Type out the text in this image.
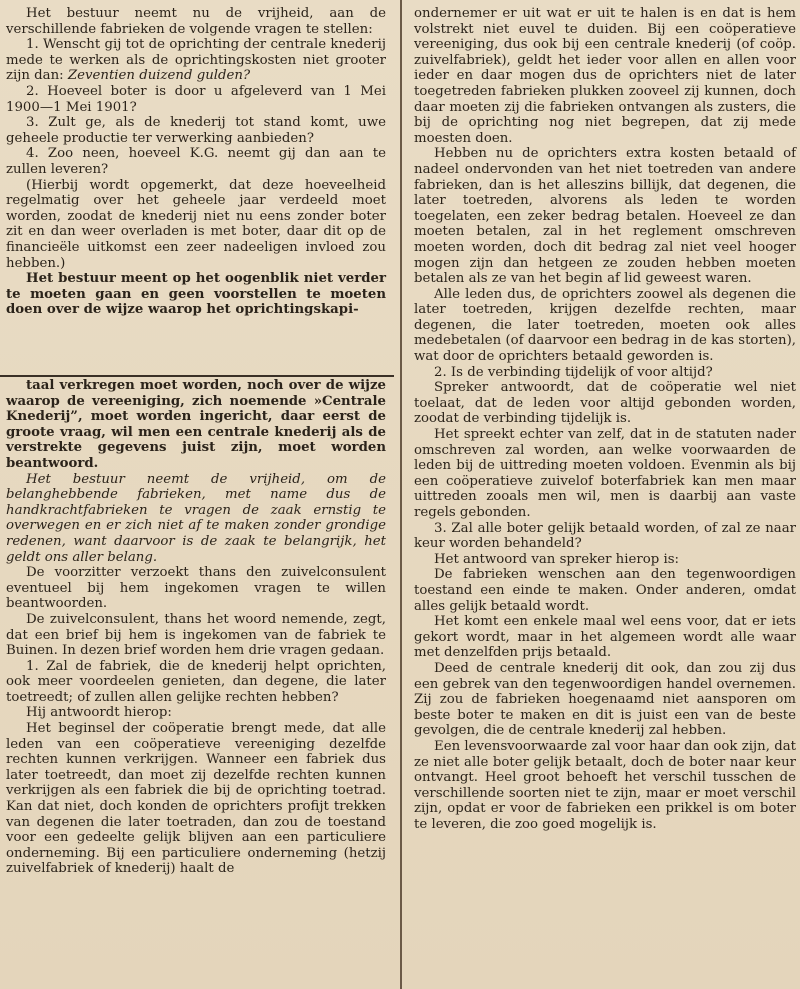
Het bestuur neemt nu de vrijheid, aan de verschillende fabrieken de volgende vragen te stellen:

1. Wenscht gij tot de oprichting der centrale knederij mede te werken als de oprichtingskosten niet grooter zijn dan: Zeventien duizend gulden?

2. Hoeveel boter is door u afgeleverd van 1 Mei 1900—1 Mei 1901?

3. Zult ge, als de knederij tot stand komt, uwe geheele productie ter verwerking aanbieden?

4. Zoo neen, hoeveel K.G. neemt gij dan aan te zullen leveren?

(Hierbij wordt opgemerkt, dat deze hoeveelheid regelmatig over het geheele jaar verdeeld moet worden, zoodat de knederij niet nu eens zonder boter zit en dan weer overladen is met boter, daar dit op de financieële uitkomst een zeer nadeeligen invloed zou hebben.)

Het bestuur meent op het oogenblik niet verder te moeten gaan en geen voorstellen te moeten doen over de wijze waarop het oprichtingskapi-

taal verkregen moet worden, noch over de wijze waarop de vereeniging, zich noemende »Centrale Knederij”, moet worden ingericht, daar eerst de groote vraag, wil men een centrale knederij als de verstrekte gegevens juist zijn, moet worden beantwoord.

Het bestuur neemt de vrijheid, om de belanghebbende fabrieken, met name dus de handkrachtfabrieken te vragen de zaak ernstig te overwegen en er zich niet af te maken zonder grondige redenen, want daarvoor is de zaak te belangrijk, het geldt ons aller belang.

De voorzitter verzoekt thans den zuivelconsulent eventueel bij hem ingekomen vragen te willen beantwoorden.

De zuivelconsulent, thans het woord nemende, zegt, dat een brief bij hem is ingekomen van de fabriek te Buinen. In dezen brief worden hem drie vragen gedaan.

1. Zal de fabriek, die de knederij helpt oprichten, ook meer voordeelen genieten, dan degene, die later toetreedt; of zullen allen gelijke rechten hebben?

Hij antwoordt hierop:

Het beginsel der coöperatie brengt mede, dat alle leden van een coöperatieve vereeniging dezelfde rechten kunnen verkrijgen. Wanneer een fabriek dus later toetreedt, dan moet zij dezelfde rechten kunnen verkrijgen als een fabriek die bij de oprichting toetrad. Kan dat niet, doch konden de oprichters profijt trekken van degenen die later toetraden, dan zou de toestand voor een gedeelte gelijk blijven aan een particuliere onderneming. Bij een particuliere onderneming (hetzij zuivelfabriek of knederij) haalt de

ondernemer er uit wat er uit te halen is en dat is hem volstrekt niet euvel te duiden. Bij een coöperatieve vereeniging, dus ook bij een centrale knederij (of coöp. zuivelfabriek), geldt het ieder voor allen en allen voor ieder en daar mogen dus de oprichters niet de later toegetreden fabrieken plukken zooveel zij kunnen, doch daar moeten zij die fabrieken ontvangen als zusters, die bij de oprichting nog niet begrepen, dat zij mede moesten doen.

Hebben nu de oprichters extra kosten betaald of nadeel ondervonden van het niet toetreden van andere fabrieken, dan is het alleszins billijk, dat degenen, die later toetreden, alvorens als leden te worden toegelaten, een zeker bedrag betalen. Hoeveel ze dan moeten betalen, zal in het reglement omschreven moeten worden, doch dit bedrag zal niet veel hooger mogen zijn dan hetgeen ze zouden hebben moeten betalen als ze van het begin af lid geweest waren.

Alle leden dus, de oprichters zoowel als degenen die later toetreden, krijgen dezelfde rechten, maar degenen, die later toetreden, moeten ook alles medebetalen (of daarvoor een bedrag in de kas storten), wat door de oprichters betaald geworden is.

2. Is de verbinding tijdelijk of voor altijd?

Spreker antwoordt, dat de coöperatie wel niet toelaat, dat de leden voor altijd gebonden worden, zoodat de verbinding tijdelijk is.

Het spreekt echter van zelf, dat in de statuten nader omschreven zal worden, aan welke voorwaarden de leden bij de uittreding moeten voldoen. Evenmin als bij een coöperatieve zuivelof boterfabriek kan men maar uittreden zooals men wil, men is daarbij aan vaste regels gebonden.

3. Zal alle boter gelijk betaald worden, of zal ze naar keur worden behandeld?

Het antwoord van spreker hierop is:

De fabrieken wenschen aan den tegenwoordigen toestand een einde te maken. Onder anderen, omdat alles gelijk betaald wordt.

Het komt een enkele maal wel eens voor, dat er iets gekort wordt, maar in het algemeen wordt alle waar met denzelfden prijs betaald.

Deed de centrale knederij dit ook, dan zou zij dus een gebrek van den tegenwoordigen handel overnemen. Zij zou de fabrieken hoegenaamd niet aansporen om beste boter te maken en dit is juist een van de beste gevolgen, die de centrale knederij zal hebben.

Een levensvoorwaarde zal voor haar dan ook zijn, dat ze niet alle boter gelijk betaalt, doch de boter naar keur ontvangt. Heel groot behoeft het verschil tusschen de verschillende soorten niet te zijn, maar er moet verschil zijn, opdat er voor de fabrieken een prikkel is om boter te leveren, die zoo goed mogelijk is.
